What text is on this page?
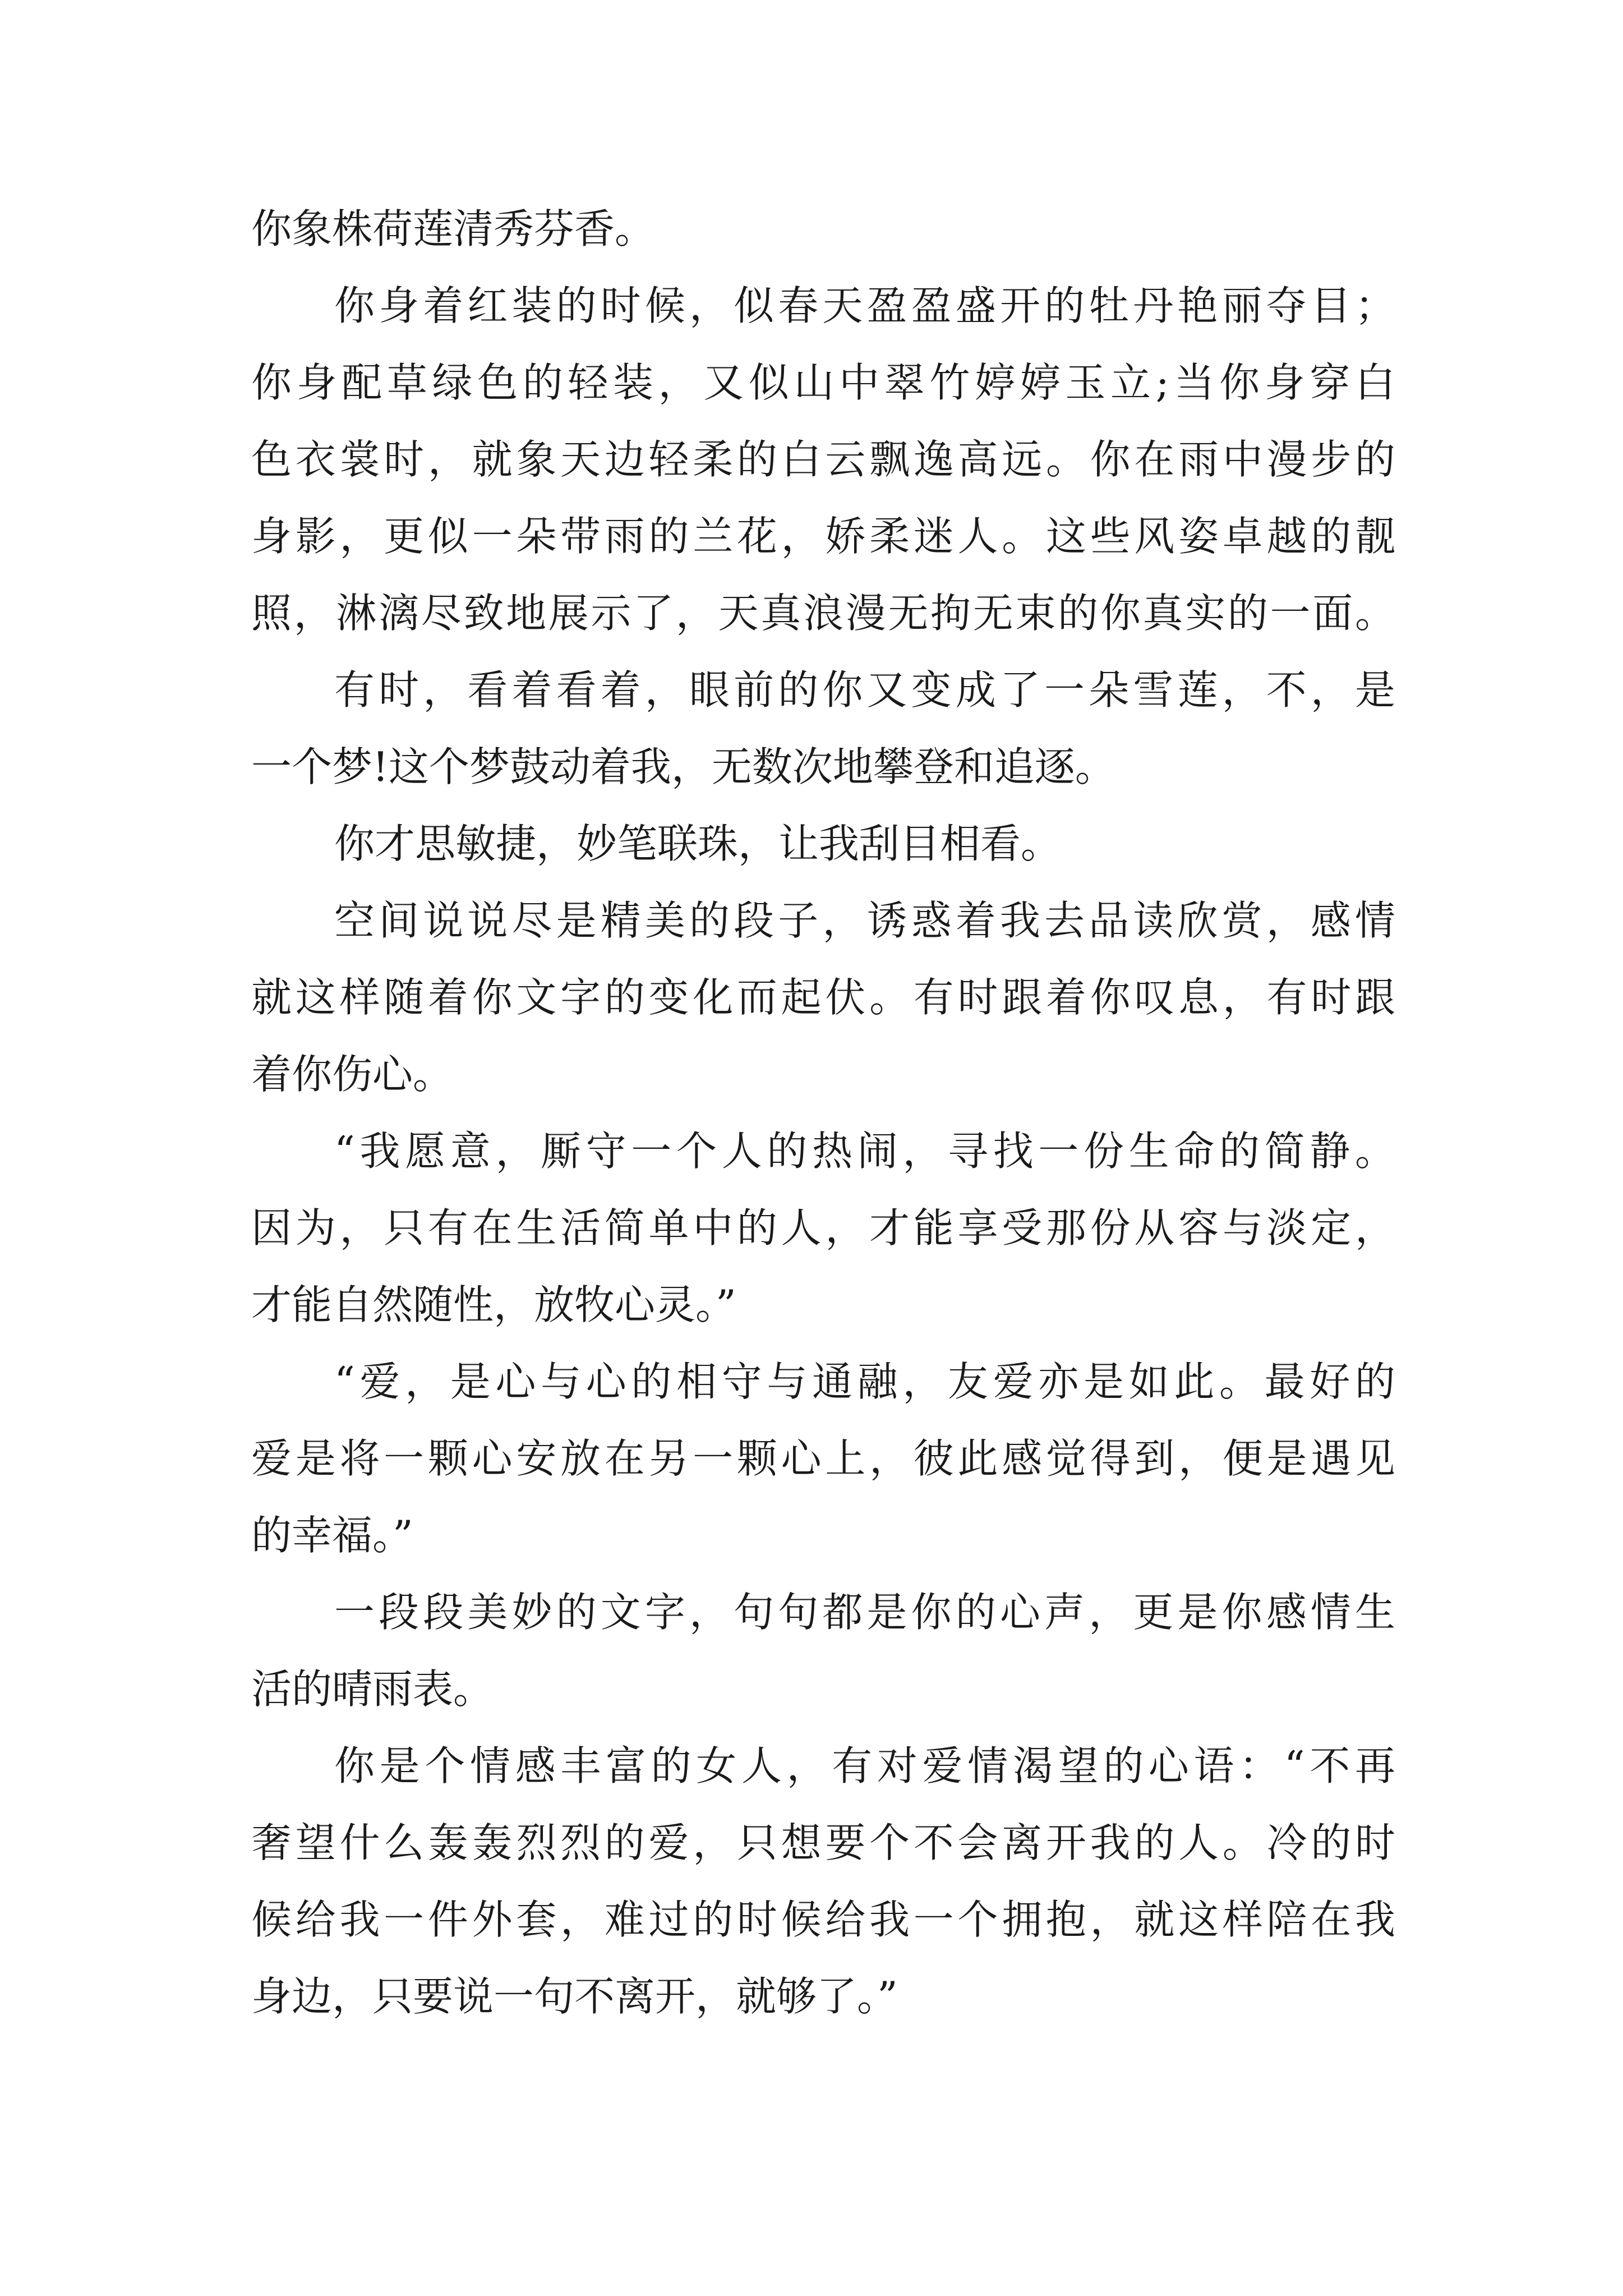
你象株荷莲清秀芬香。
你身着红装的时候，似春天盈盈盛开的牡丹艳丽夺目；
你身配草绿色的轻装，又似山中翠竹婷婷玉立;当你身穿白
色衣裳时，就象天边轻柔的白云飘逸高远。你在雨中漫步的
身影，更似一朵带雨的兰花，娇柔迷人。这些风姿卓越的靓
照，淋漓尽致地展示了，天真浪漫无拘无束的你真实的一面。
有时，看着看着，眼前的你又变成了一朵雪莲，不，是
一个梦!这个梦鼓动着我，无数次地攀登和追逐。
你才思敏捷，妙笔联珠，让我刮目相看。
空间说说尽是精美的段子，诱惑着我去品读欣赏，感情
就这样随着你文字的变化而起伏。有时跟着你叹息，有时跟
着你伤心。
“我愿意，厮守一个人的热闹，寻找一份生命的简静。
因为，只有在生活简单中的人，才能享受那份从容与淡定，
才能自然随性，放牧心灵。”
“爱，是心与心的相守与通融，友爱亦是如此。最好的
爱是将一颗心安放在另一颗心上，彼此感觉得到，便是遇见
的幸福。”
一段段美妙的文字，句句都是你的心声，更是你感情生
活的晴雨表。
你是个情感丰富的女人，有对爱情渴望的心语：“不再
奢望什么轰轰烈烈的爱，只想要个不会离开我的人。冷的时
候给我一件外套，难过的时候给我一个拥抱，就这样陪在我
身边，只要说一句不离开，就够了。”
